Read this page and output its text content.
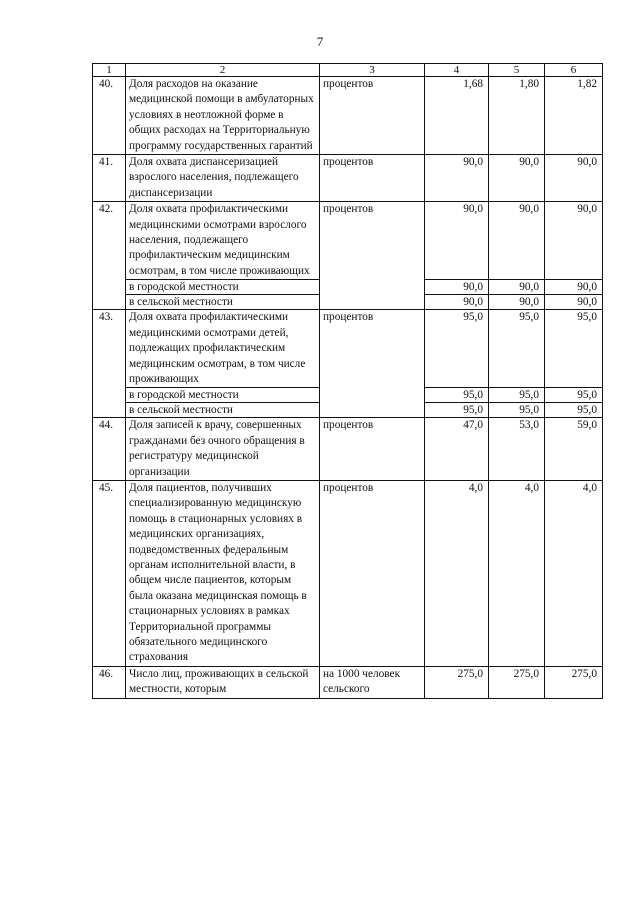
7
1	2	3	4	5	6
40.	Доля расходов на оказание медицинской помощи в амбулаторных условиях в неотложной форме в общих расходах на Территориальную программу государственных гарантий	процентов	1,68	1,80	1,82
41.	Доля охвата диспансеризацией взрослого населения, подлежащего диспансеризации	процентов	90,0	90,0	90,0
42.	Доля охвата профилактическими медицинскими осмотрами взрослого населения, подлежащего профилактическим медицинским осмотрам, в том числе проживающих	процентов	90,0	90,0	90,0
	в городской местности		90,0	90,0	90,0
	в сельской местности		90,0	90,0	90,0
43.	Доля охвата профилактическими медицинскими осмотрами детей, подлежащих профилактическим медицинским осмотрам, в том числе проживающих	процентов	95,0	95,0	95,0
	в городской местности		95,0	95,0	95,0
	в сельской местности		95,0	95,0	95,0
44.	Доля записей к врачу, совершенных гражданами без очного обращения в регистратуру медицинской организации	процентов	47,0	53,0	59,0
45.	Доля пациентов, получивших специализированную медицинскую помощь в стационарных условиях в медицинских организациях, подведомственных федеральным органам исполнительной власти, в общем числе пациентов, которым была оказана медицинская помощь в стационарных условиях в рамках Территориальной программы обязательного медицинского страхования	процентов	4,0	4,0	4,0
46.	Число лиц, проживающих в сельской местности, которым	на 1000 человек сельского	275,0	275,0	275,0
